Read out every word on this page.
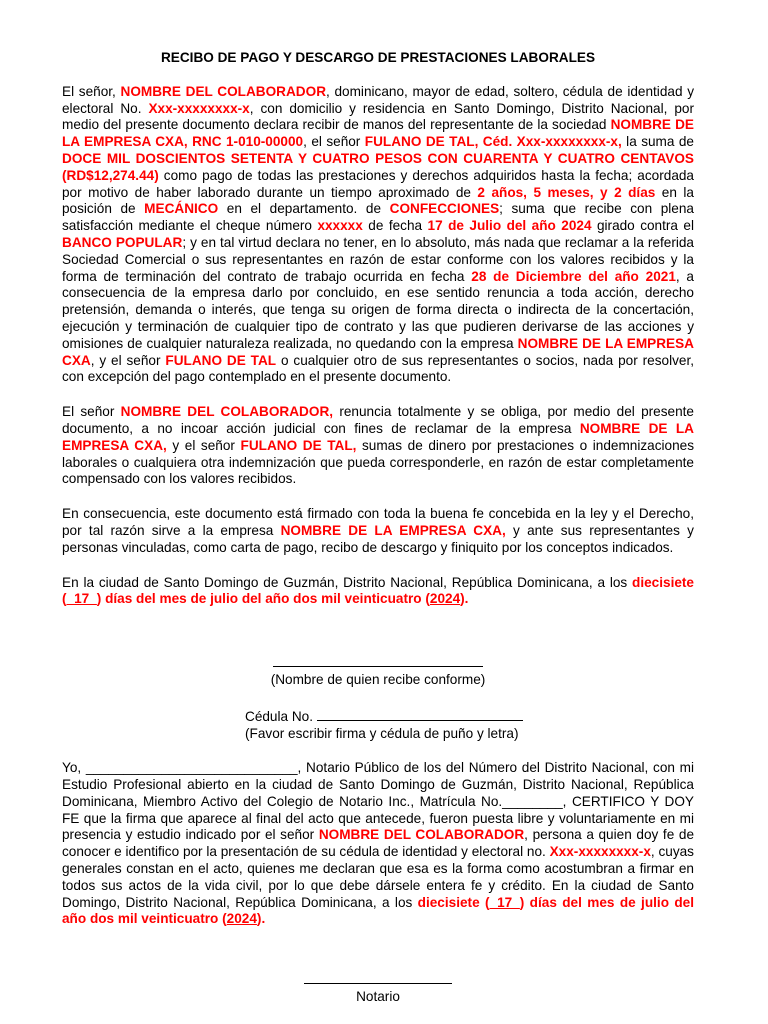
RECIBO DE PAGO Y DESCARGO DE PRESTACIONES LABORALES

El señor, NOMBRE DEL COLABORADOR, dominicano, mayor de edad, soltero, cédula de identidad y electoral No. Xxx-xxxxxxxx-x, con domicilio y residencia en Santo Domingo, Distrito Nacional, por medio del presente documento declara recibir de manos del representante de la sociedad NOMBRE DE LA EMPRESA CXA, RNC 1-010-00000, el señor FULANO DE TAL, Céd. Xxx-xxxxxxxx-x, la suma de DOCE MIL DOSCIENTOS SETENTA Y CUATRO PESOS CON CUARENTA Y CUATRO CENTAVOS (RD$12,274.44) como pago de todas las prestaciones y derechos adquiridos hasta la fecha; acordada por motivo de haber laborado durante un tiempo aproximado de 2 años, 5 meses, y 2 días en la posición de MECÁNICO en el departamento. de CONFECCIONES; suma que recibe con plena satisfacción mediante el cheque número xxxxxx de fecha 17 de Julio del año 2024 girado contra el BANCO POPULAR; y en tal virtud declara no tener, en lo absoluto, más nada que reclamar a la referida Sociedad Comercial o sus representantes en razón de estar conforme con los valores recibidos y la forma de terminación del contrato de trabajo ocurrida en fecha 28 de Diciembre del año 2021, a consecuencia de la empresa darlo por concluido, en ese sentido renuncia a toda acción, derecho pretensión, demanda o interés, que tenga su origen de forma directa o indirecta de la concertación, ejecución y terminación de cualquier tipo de contrato y las que pudieren derivarse de las acciones y omisiones de cualquier naturaleza realizada, no quedando con la empresa NOMBRE DE LA EMPRESA CXA, y el señor FULANO DE TAL o cualquier otro de sus representantes o socios, nada por resolver, con excepción del pago contemplado en el presente documento.

El señor NOMBRE DEL COLABORADOR, renuncia totalmente y se obliga, por medio del presente documento, a no incoar acción judicial con fines de reclamar de la empresa NOMBRE DE LA EMPRESA CXA, y el señor FULANO DE TAL, sumas de dinero por prestaciones o indemnizaciones laborales o cualquiera otra indemnización que pueda corresponderle, en razón de estar completamente compensado con los valores recibidos.

En consecuencia, este documento está firmado con toda la buena fe concebida en la ley y el Derecho, por tal razón sirve a la empresa NOMBRE DE LA EMPRESA CXA, y ante sus representantes y personas vinculadas, como carta de pago, recibo de descargo y finiquito por los conceptos indicados.

En la ciudad de Santo Domingo de Guzmán, Distrito Nacional, República Dominicana, a los diecisiete (_17_) días del mes de julio del año dos mil veinticuatro (2024).

(Nombre de quien recibe conforme)
Cédula No.
(Favor escribir firma y cédula de puño y letra)

Yo, ____________________________, Notario Público de los del Número del Distrito Nacional, con mi Estudio Profesional abierto en la ciudad de Santo Domingo de Guzmán, Distrito Nacional, República Dominicana, Miembro Activo del Colegio de Notario Inc., Matrícula No.________, CERTIFICO Y DOY FE que la firma que aparece al final del acto que antecede, fueron puesta libre y voluntariamente en mi presencia y estudio indicado por el señor NOMBRE DEL COLABORADOR, persona a quien doy fe de conocer e identifico por la presentación de su cédula de identidad y electoral no. Xxx-xxxxxxxx-x, cuyas generales constan en el acto, quienes me declaran que esa es la forma como acostumbran a firmar en todos sus actos de la vida civil, por lo que debe dársele entera fe y crédito. En la ciudad de Santo Domingo, Distrito Nacional, República Dominicana, a los diecisiete (_17_) días del mes de julio del año dos mil veinticuatro (2024).

Notario
